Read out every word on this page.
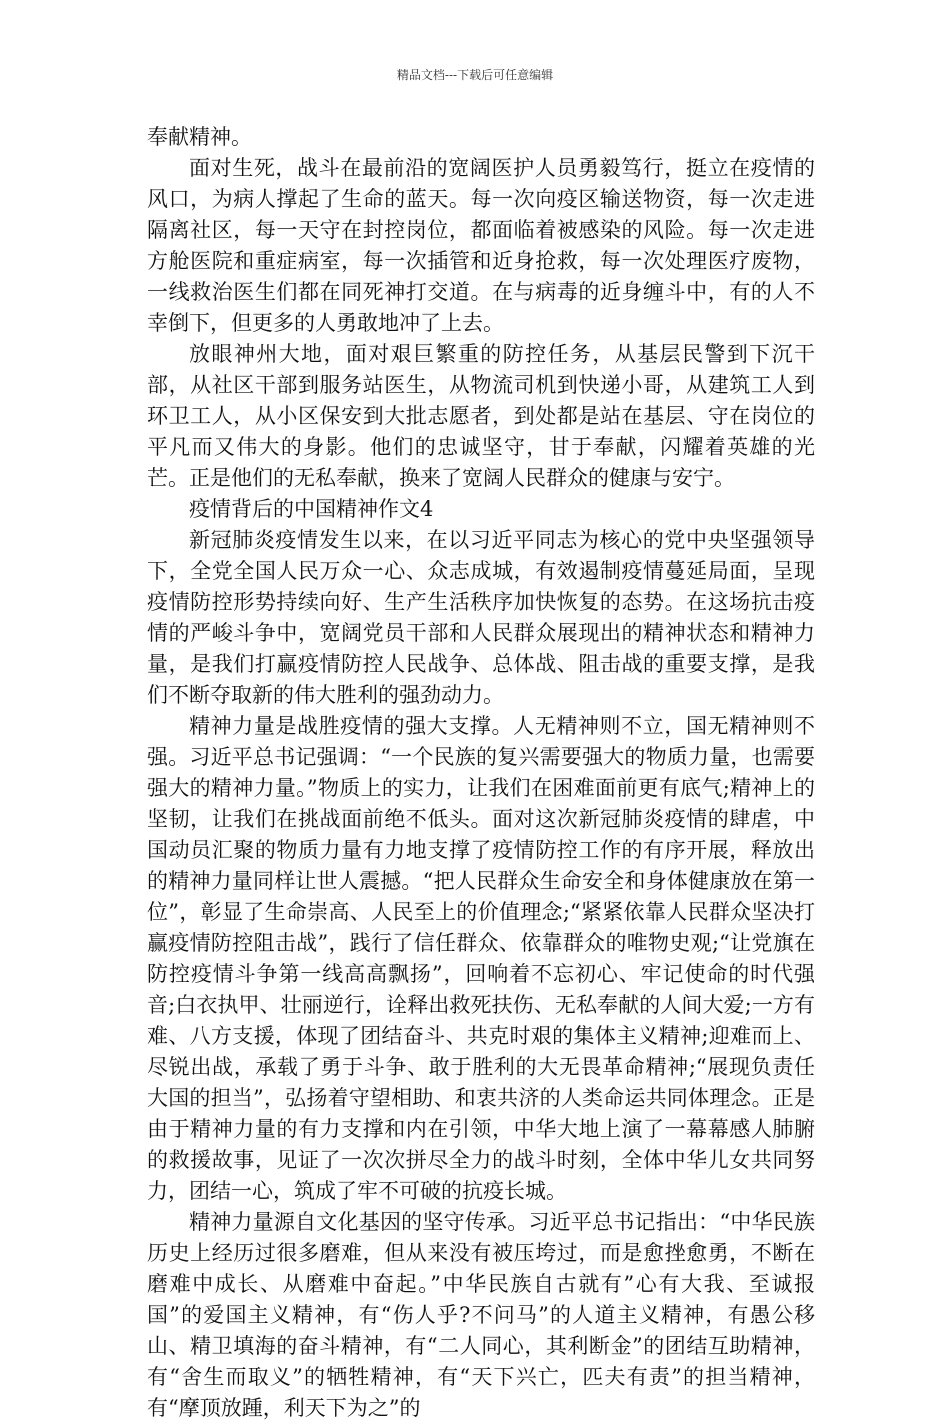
精品文档---下载后可任意编辑

奉献精神。

面对生死，战斗在最前沿的宽阔医护人员勇毅笃行，挺立在疫情的风口，为病人撑起了生命的蓝天。每一次向疫区输送物资，每一次走进隔离社区，每一天守在封控岗位，都面临着被感染的风险。每一次走进方舱医院和重症病室，每一次插管和近身抢救，每一次处理医疗废物，一线救治医生们都在同死神打交道。在与病毒的近身缠斗中，有的人不幸倒下，但更多的人勇敢地冲了上去。

放眼神州大地，面对艰巨繁重的防控任务，从基层民警到下沉干部，从社区干部到服务站医生，从物流司机到快递小哥，从建筑工人到环卫工人，从小区保安到大批志愿者，到处都是站在基层、守在岗位的平凡而又伟大的身影。他们的忠诚坚守，甘于奉献，闪耀着英雄的光芒。正是他们的无私奉献，换来了宽阔人民群众的健康与安宁。

疫情背后的中国精神作文4

新冠肺炎疫情发生以来，在以习近平同志为核心的党中央坚强领导下，全党全国人民万众一心、众志成城，有效遏制疫情蔓延局面，呈现疫情防控形势持续向好、生产生活秩序加快恢复的态势。在这场抗击疫情的严峻斗争中，宽阔党员干部和人民群众展现出的精神状态和精神力量，是我们打赢疫情防控人民战争、总体战、阻击战的重要支撑，是我们不断夺取新的伟大胜利的强劲动力。

精神力量是战胜疫情的强大支撑。人无精神则不立，国无精神则不强。习近平总书记强调：“一个民族的复兴需要强大的物质力量，也需要强大的精神力量。”物质上的实力，让我们在困难面前更有底气;精神上的坚韧，让我们在挑战面前绝不低头。面对这次新冠肺炎疫情的肆虐，中国动员汇聚的物质力量有力地支撑了疫情防控工作的有序开展，释放出的精神力量同样让世人震撼。“把人民群众生命安全和身体健康放在第一位”，彰显了生命崇高、人民至上的价值理念;“紧紧依靠人民群众坚决打赢疫情防控阻击战”，践行了信任群众、依靠群众的唯物史观;“让党旗在防控疫情斗争第一线高高飘扬”，回响着不忘初心、牢记使命的时代强音;白衣执甲、壮丽逆行，诠释出救死扶伤、无私奉献的人间大爱;一方有难、八方支援，体现了团结奋斗、共克时艰的集体主义精神;迎难而上、尽锐出战，承载了勇于斗争、敢于胜利的大无畏革命精神;“展现负责任大国的担当”，弘扬着守望相助、和衷共济的人类命运共同体理念。正是由于精神力量的有力支撑和内在引领，中华大地上演了一幕幕感人肺腑的救援故事，见证了一次次拼尽全力的战斗时刻，全体中华儿女共同努力，团结一心，筑成了牢不可破的抗疫长城。

精神力量源自文化基因的坚守传承。习近平总书记指出：“中华民族历史上经历过很多磨难，但从来没有被压垮过，而是愈挫愈勇，不断在磨难中成长、从磨难中奋起。”中华民族自古就有”心有大我、至诚报国”的爱国主义精神，有“伤人乎?不问马”的人道主义精神，有愚公移山、精卫填海的奋斗精神，有“二人同心，其利断金”的团结互助精神，有“舍生而取义”的牺牲精神，有“天下兴亡，匹夫有责”的担当精神，有“摩顶放踵，利天下为之”的
